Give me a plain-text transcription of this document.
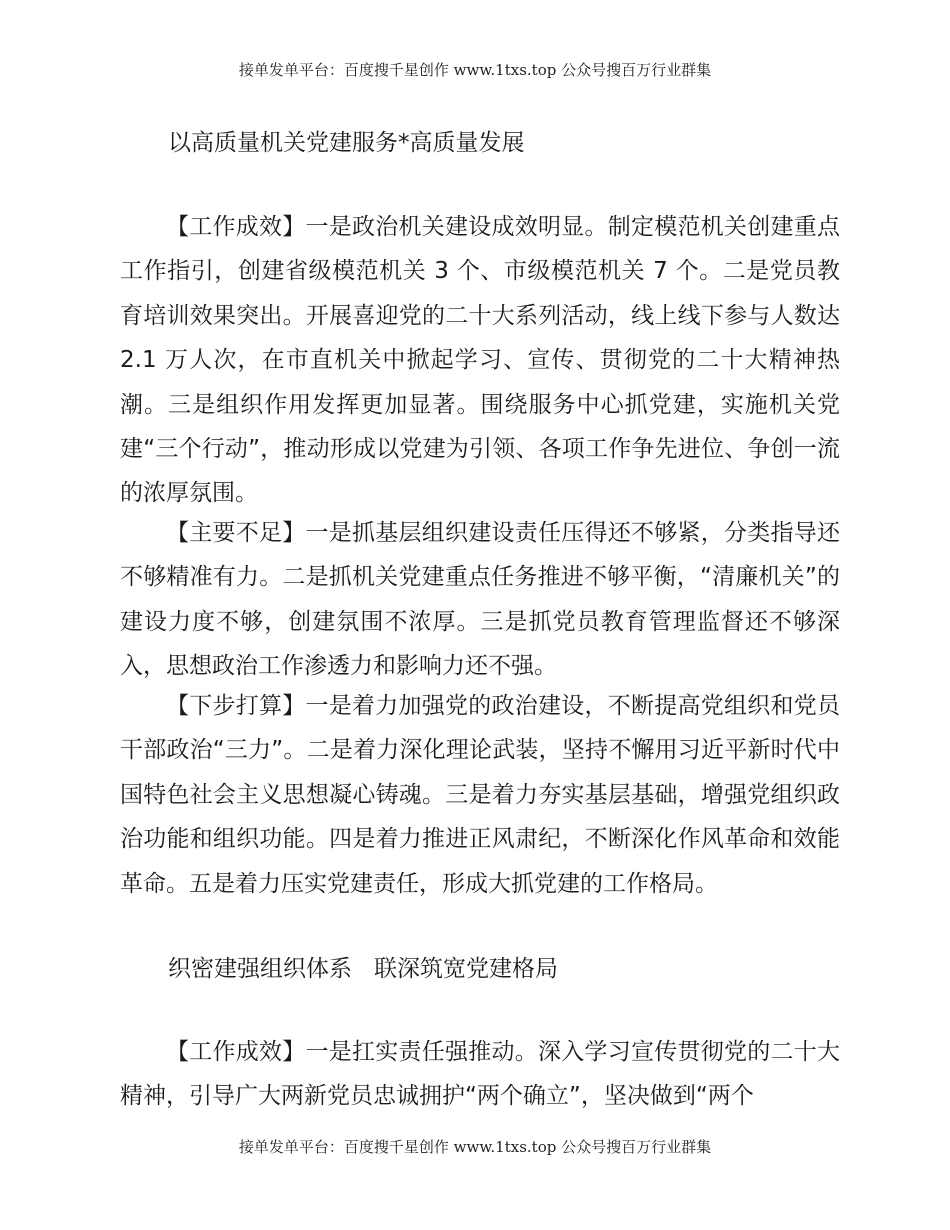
接单发单平台：百度搜千星创作 www.1txs.top 公众号搜百万行业群集
以高质量机关党建服务*高质量发展

【工作成效】一是政治机关建设成效明显。制定模范机关创建重点工作指引，创建省级模范机关 3 个、市级模范机关 7 个。二是党员教育培训效果突出。开展喜迎党的二十大系列活动，线上线下参与人数达 2.1 万人次，在市直机关中掀起学习、宣传、贯彻党的二十大精神热潮。三是组织作用发挥更加显著。围绕服务中心抓党建，实施机关党建“三个行动”，推动形成以党建为引领、各项工作争先进位、争创一流的浓厚氛围。

【主要不足】一是抓基层组织建设责任压得还不够紧，分类指导还不够精准有力。二是抓机关党建重点任务推进不够平衡，“清廉机关”的建设力度不够，创建氛围不浓厚。三是抓党员教育管理监督还不够深入，思想政治工作渗透力和影响力还不强。

【下步打算】一是着力加强党的政治建设，不断提高党组织和党员干部政治“三力”。二是着力深化理论武装，坚持不懈用习近平新时代中国特色社会主义思想凝心铸魂。三是着力夯实基层基础，增强党组织政治功能和组织功能。四是着力推进正风肃纪，不断深化作风革命和效能革命。五是着力压实党建责任，形成大抓党建的工作格局。

织密建强组织体系 联深筑宽党建格局

【工作成效】一是扛实责任强推动。深入学习宣传贯彻党的二十大精神，引导广大两新党员忠诚拥护“两个确立”，坚决做到“两个

接单发单平台：百度搜千星创作 www.1txs.top 公众号搜百万行业群集
